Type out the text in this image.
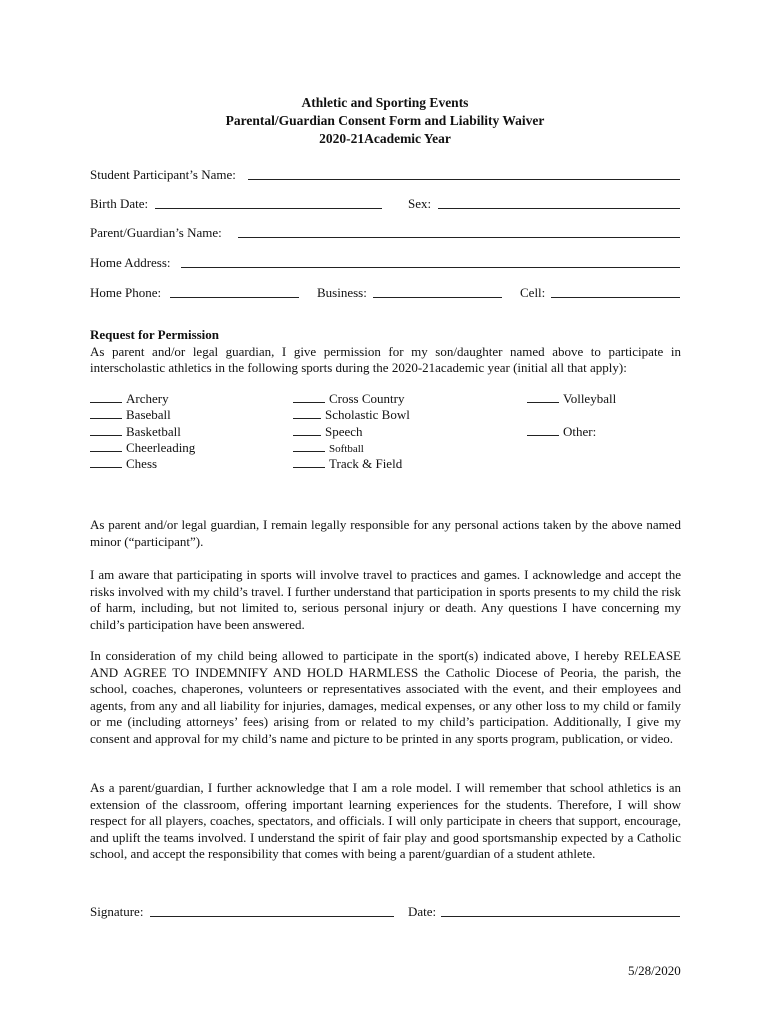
Athletic and Sporting Events
Parental/Guardian Consent Form and Liability Waiver
2020-21Academic Year
Student Participant’s Name:
Birth Date:	Sex:
Parent/Guardian’s Name:
Home Address:
Home Phone:	Business:	Cell:

Request for Permission

As parent and/or legal guardian, I give permission for my son/daughter named above to participate in interscholastic athletics in the following sports during the 2020-21academic year (initial all that apply):

Archery
Baseball
Basketball
Cheerleading
Chess
Cross Country
Scholastic Bowl
Speech
Softball
Track & Field
Volleyball
Other:
As parent and/or legal guardian, I remain legally responsible for any personal actions taken by the above named minor (“participant”).
I am aware that participating in sports will involve travel to practices and games. I acknowledge and accept the risks involved with my child’s travel. I further understand that participation in sports presents to my child the risk of harm, including, but not limited to, serious personal injury or death. Any questions I have concerning my child’s participation have been answered.
In consideration of my child being allowed to participate in the sport(s) indicated above, I hereby RELEASE AND AGREE TO INDEMNIFY AND HOLD HARMLESS the Catholic Diocese of Peoria, the parish, the school, coaches, chaperones, volunteers or representatives associated with the event, and their employees and agents, from any and all liability for injuries, damages, medical expenses, or any other loss to my child or family or me (including attorneys’ fees) arising from or related to my child’s participation. Additionally, I give my consent and approval for my child’s name and picture to be printed in any sports program, publication, or video.
As a parent/guardian, I further acknowledge that I am a role model. I will remember that school athletics is an extension of the classroom, offering important learning experiences for the students. Therefore, I will show respect for all players, coaches, spectators, and officials. I will only participate in cheers that support, encourage, and uplift the teams involved. I understand the spirit of fair play and good sportsmanship expected by a Catholic school, and accept the responsibility that comes with being a parent/guardian of a student athlete.
Signature:	Date:
5/28/2020
